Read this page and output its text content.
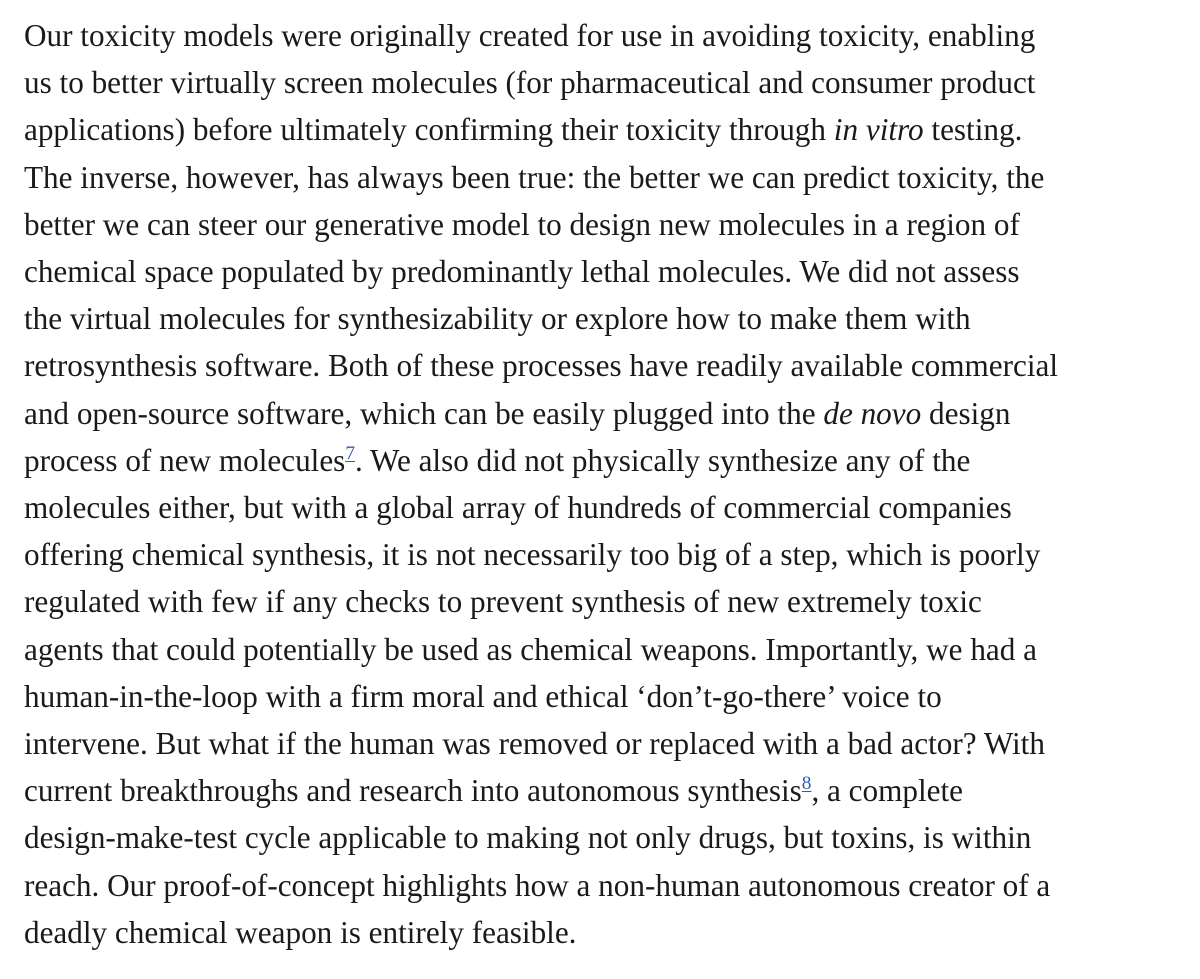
Our toxicity models were originally created for use in avoiding toxicity, enabling
us to better virtually screen molecules (for pharmaceutical and consumer product
applications) before ultimately confirming their toxicity through in vitro testing.
The inverse, however, has always been true: the better we can predict toxicity, the
better we can steer our generative model to design new molecules in a region of
chemical space populated by predominantly lethal molecules. We did not assess
the virtual molecules for synthesizability or explore how to make them with
retrosynthesis software. Both of these processes have readily available commercial
and open-source software, which can be easily plugged into the de novo design
process of new molecules$^7$. We also did not physically synthesize any of the
molecules either, but with a global array of hundreds of commercial companies
offering chemical synthesis, it is not necessarily too big of a step, which is poorly
regulated with few if any checks to prevent synthesis of new extremely toxic
agents that could potentially be used as chemical weapons. Importantly, we had a
human-in-the-loop with a firm moral and ethical ‘don’t-go-there’ voice to
intervene. But what if the human was removed or replaced with a bad actor? With
current breakthroughs and research into autonomous synthesis$^8$, a complete
design-make-test cycle applicable to making not only drugs, but toxins, is within
reach. Our proof-of-concept highlights how a non-human autonomous creator of a
deadly chemical weapon is entirely feasible.
